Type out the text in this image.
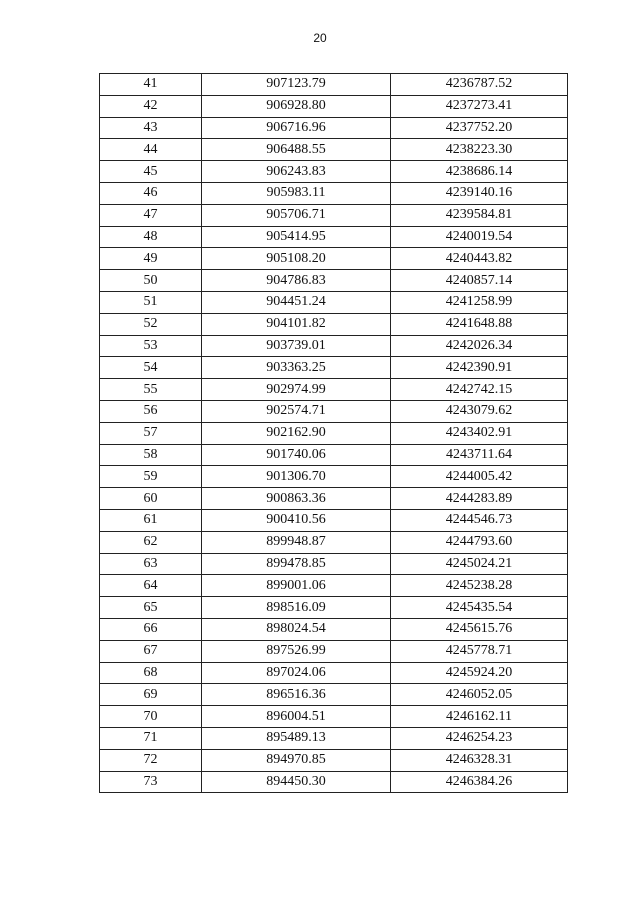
20
41	907123.79	4236787.52
42	906928.80	4237273.41
43	906716.96	4237752.20
44	906488.55	4238223.30
45	906243.83	4238686.14
46	905983.11	4239140.16
47	905706.71	4239584.81
48	905414.95	4240019.54
49	905108.20	4240443.82
50	904786.83	4240857.14
51	904451.24	4241258.99
52	904101.82	4241648.88
53	903739.01	4242026.34
54	903363.25	4242390.91
55	902974.99	4242742.15
56	902574.71	4243079.62
57	902162.90	4243402.91
58	901740.06	4243711.64
59	901306.70	4244005.42
60	900863.36	4244283.89
61	900410.56	4244546.73
62	899948.87	4244793.60
63	899478.85	4245024.21
64	899001.06	4245238.28
65	898516.09	4245435.54
66	898024.54	4245615.76
67	897526.99	4245778.71
68	897024.06	4245924.20
69	896516.36	4246052.05
70	896004.51	4246162.11
71	895489.13	4246254.23
72	894970.85	4246328.31
73	894450.30	4246384.26
